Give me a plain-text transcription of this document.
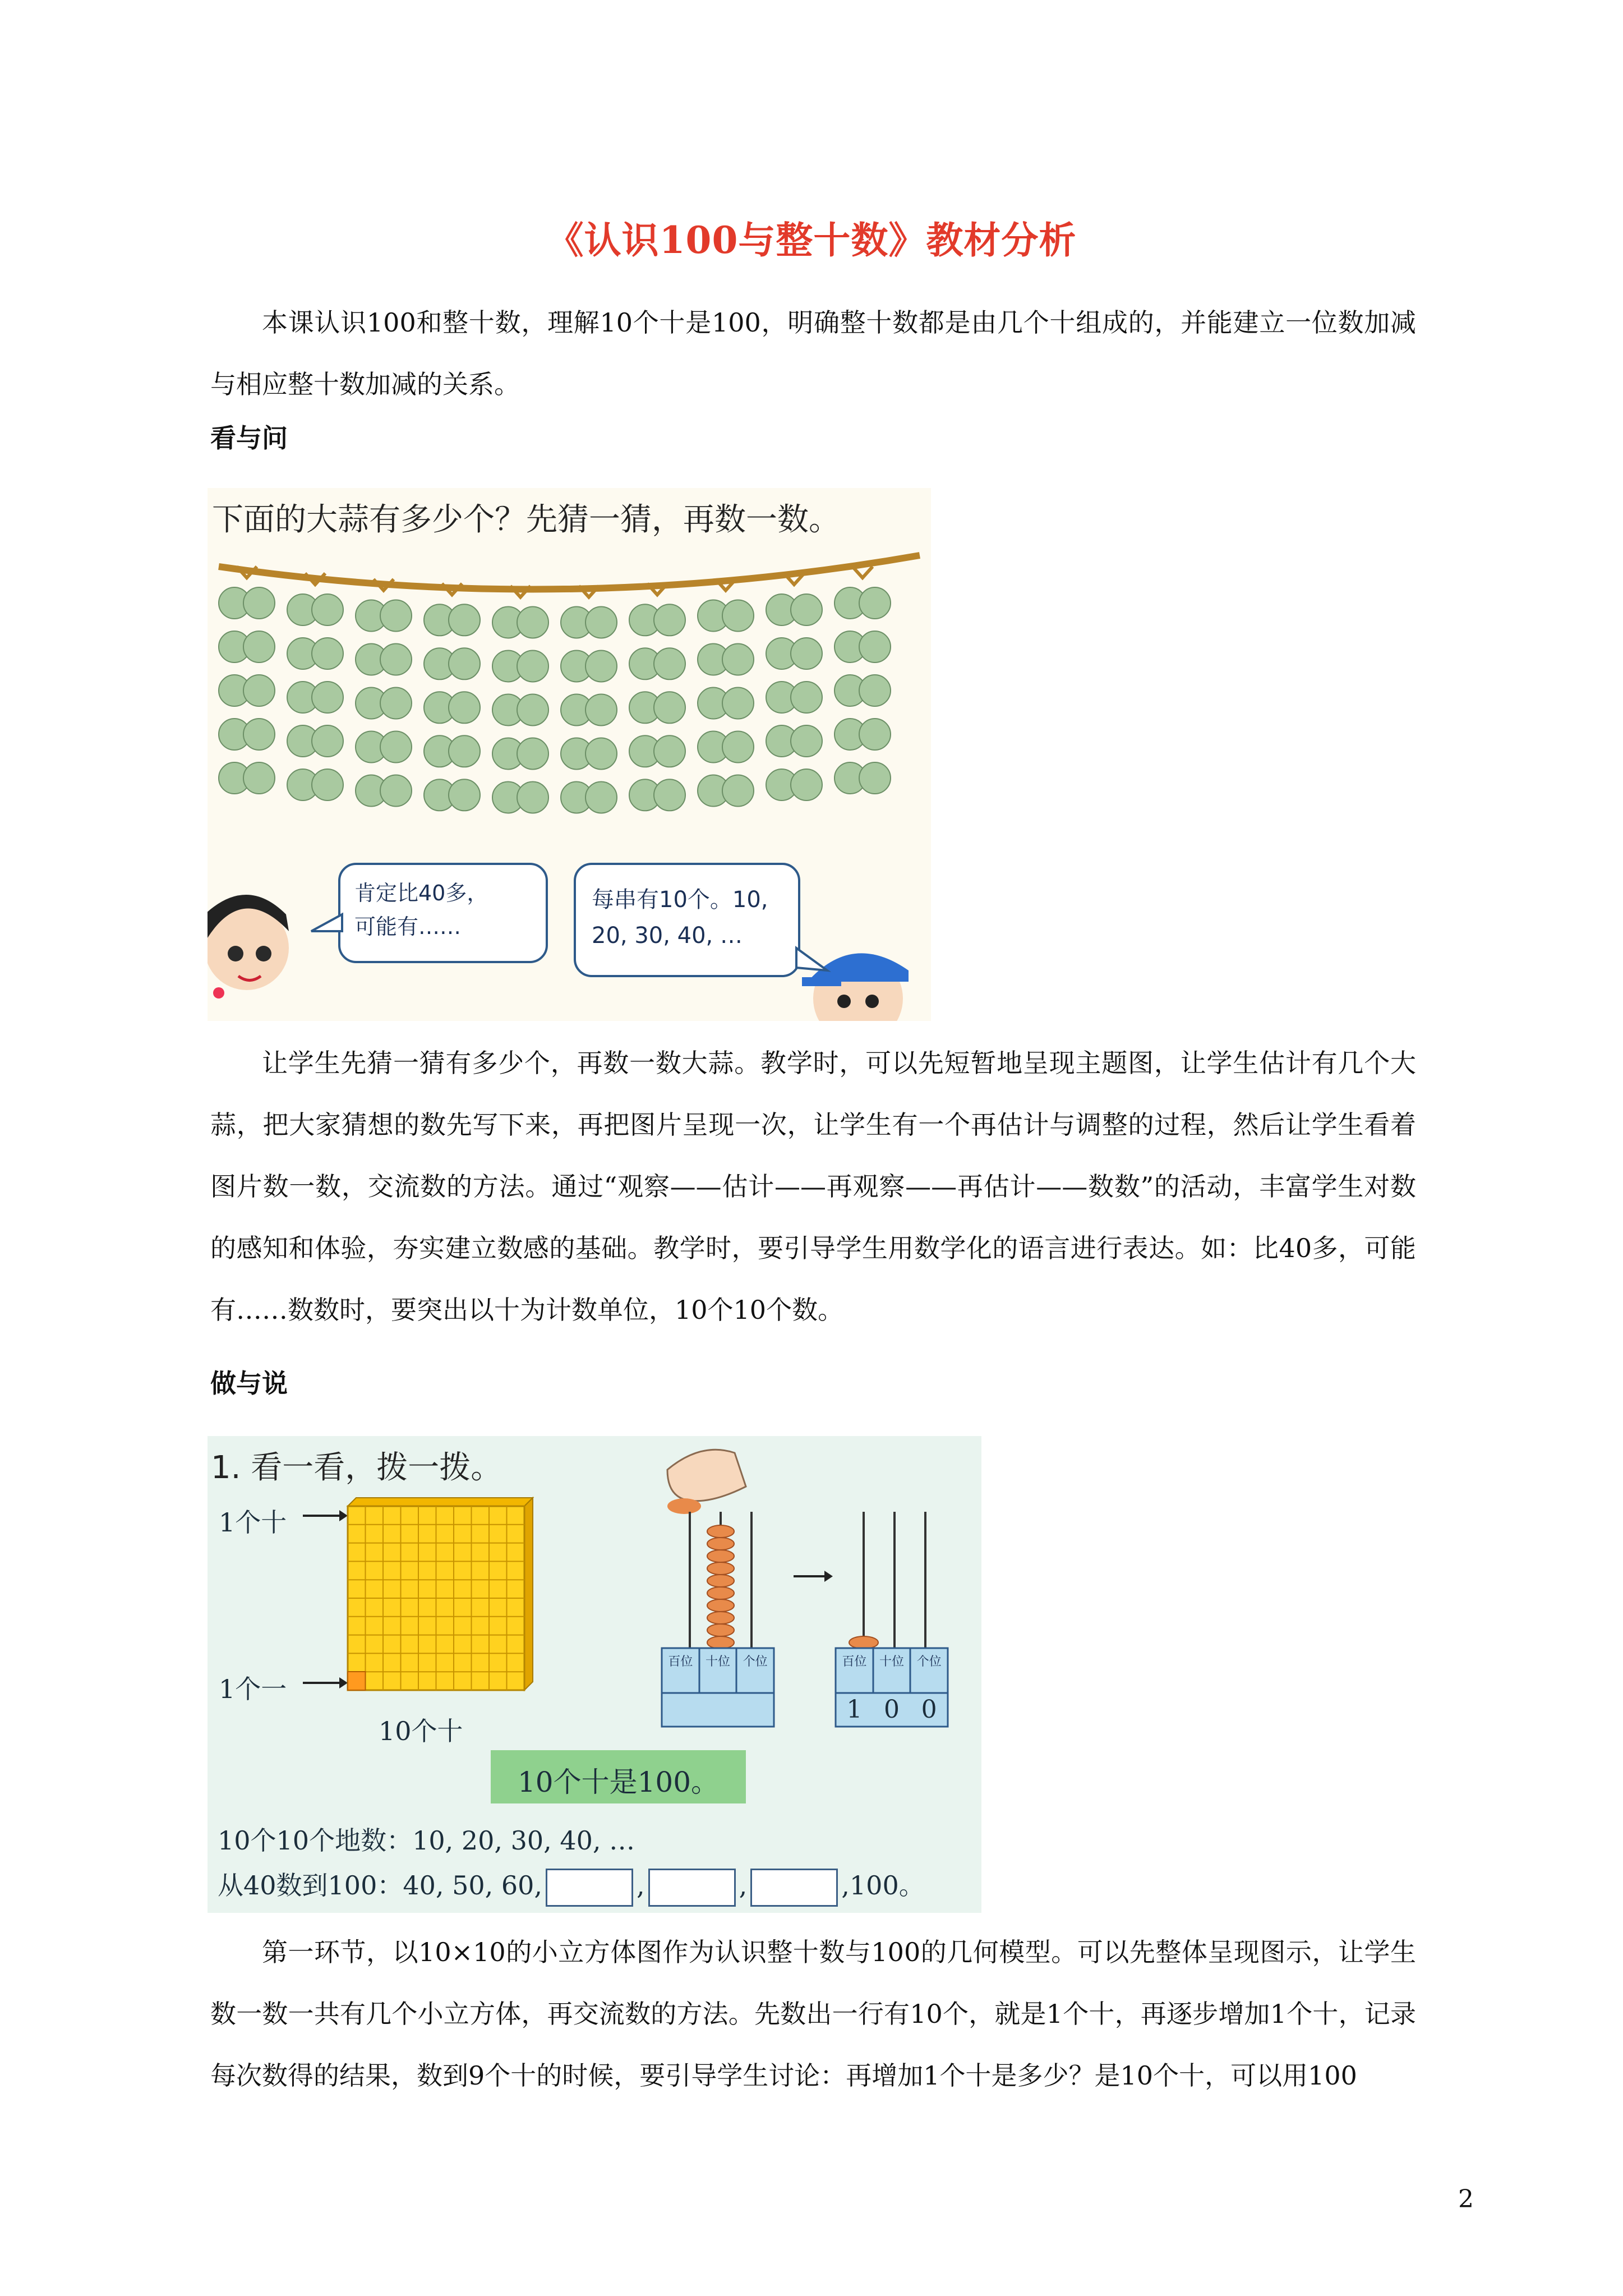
《认识100与整十数》教材分析
本课认识100和整十数，理解10个十是100，明确整十数都是由几个十组成的，并能建立一位数加减与相应整十数加减的关系。
看与问
下面的大蒜有多少个？先猜一猜，再数一数。
肯定比40多，
可能有……
每串有10个。10,
20, 30, 40, …
让学生先猜一猜有多少个，再数一数大蒜。教学时，可以先短暂地呈现主题图，让学生估计有几个大蒜，把大家猜想的数先写下来，再把图片呈现一次，让学生有一个再估计与调整的过程，然后让学生看着图片数一数，交流数的方法。通过“观察——估计——再观察——再估计——数数”的活动，丰富学生对数的感知和体验，夯实建立数感的基础。教学时，要引导学生用数学化的语言进行表达。如：比40多，可能有……数数时，要突出以十为计数单位，10个10个数。
做与说
1. 看一看，拨一拨。
1个十
1个一
10个十
百位	十位	个位	百位	十位	个位
1 0 0
10个十是100。
10个10个地数：10, 20, 30, 40, …
从40数到100：40, 50, 60,	,	,	,100。
第一环节，以10×10的小立方体图作为认识整十数与100的几何模型。可以先整体呈现图示，让学生数一数一共有几个小立方体，再交流数的方法。先数出一行有10个，就是1个十，再逐步增加1个十，记录每次数得的结果，数到9个十的时候，要引导学生讨论：再增加1个十是多少？是10个十，可以用100
2
